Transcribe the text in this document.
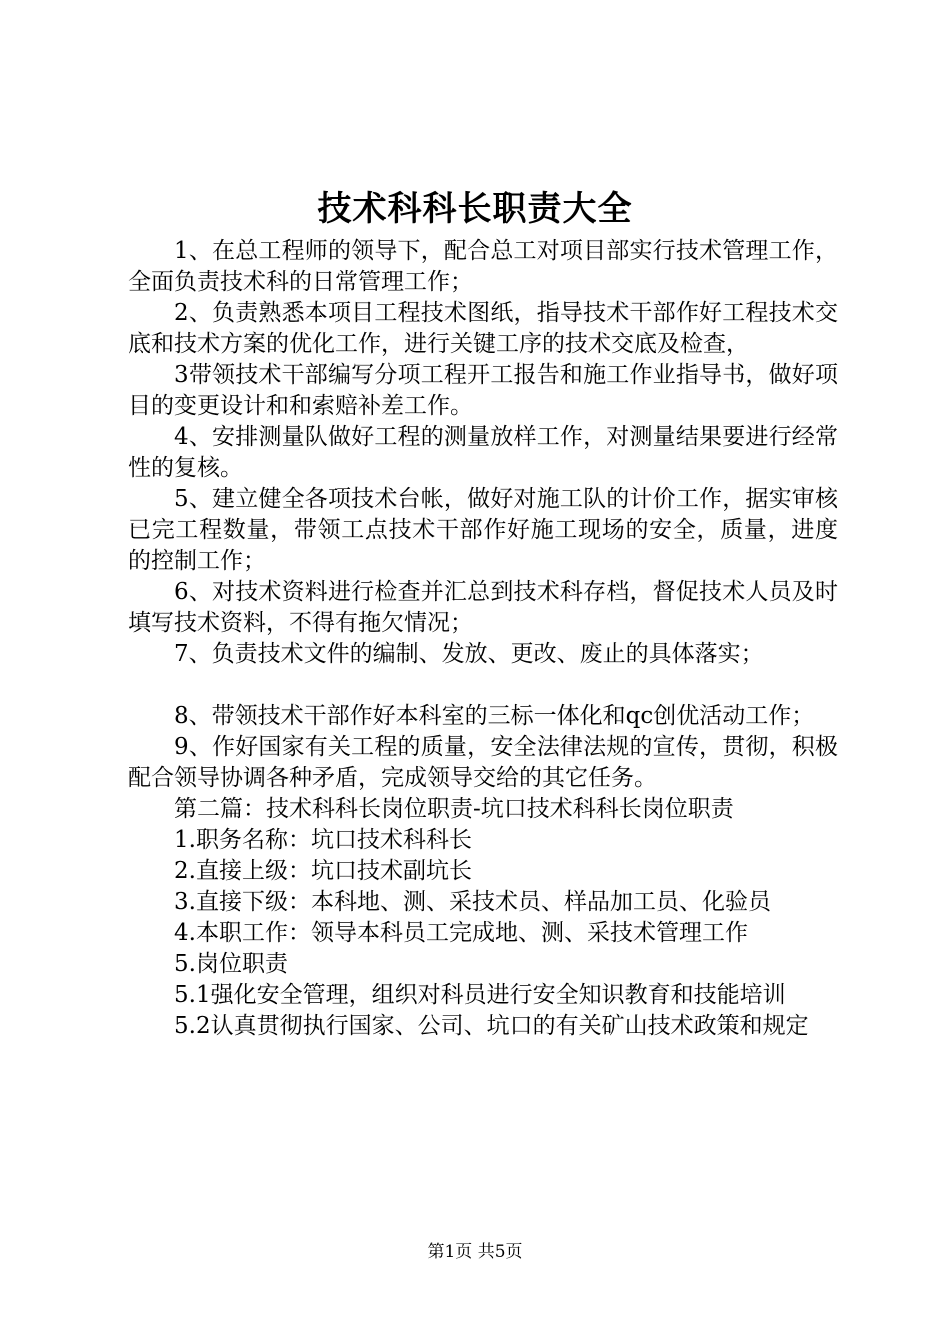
技术科科长职责大全

1、在总工程师的领导下，配合总工对项目部实行技术管理工作，全面负责技术科的日常管理工作；

2、负责熟悉本项目工程技术图纸，指导技术干部作好工程技术交底和技术方案的优化工作，进行关键工序的技术交底及检查，

3带领技术干部编写分项工程开工报告和施工作业指导书，做好项目的变更设计和和索赔补差工作。

4、安排测量队做好工程的测量放样工作，对测量结果要进行经常性的复核。

5、建立健全各项技术台帐，做好对施工队的计价工作，据实审核已完工程数量，带领工点技术干部作好施工现场的安全，质量，进度的控制工作；

6、对技术资料进行检查并汇总到技术科存档，督促技术人员及时填写技术资料，不得有拖欠情况；

7、负责技术文件的编制、发放、更改、废止的具体落实；

8、带领技术干部作好本科室的三标一体化和qc创优活动工作；

9、作好国家有关工程的质量，安全法律法规的宣传，贯彻，积极配合领导协调各种矛盾，完成领导交给的其它任务。

第二篇：技术科科长岗位职责-坑口技术科科长岗位职责

1.职务名称：坑口技术科科长

2.直接上级：坑口技术副坑长

3.直接下级：本科地、测、采技术员、样品加工员、化验员

4.本职工作：领导本科员工完成地、测、采技术管理工作

5.岗位职责

5.1强化安全管理，组织对科员进行安全知识教育和技能培训

5.2认真贯彻执行国家、公司、坑口的有关矿山技术政策和规定

第1页 共5页
